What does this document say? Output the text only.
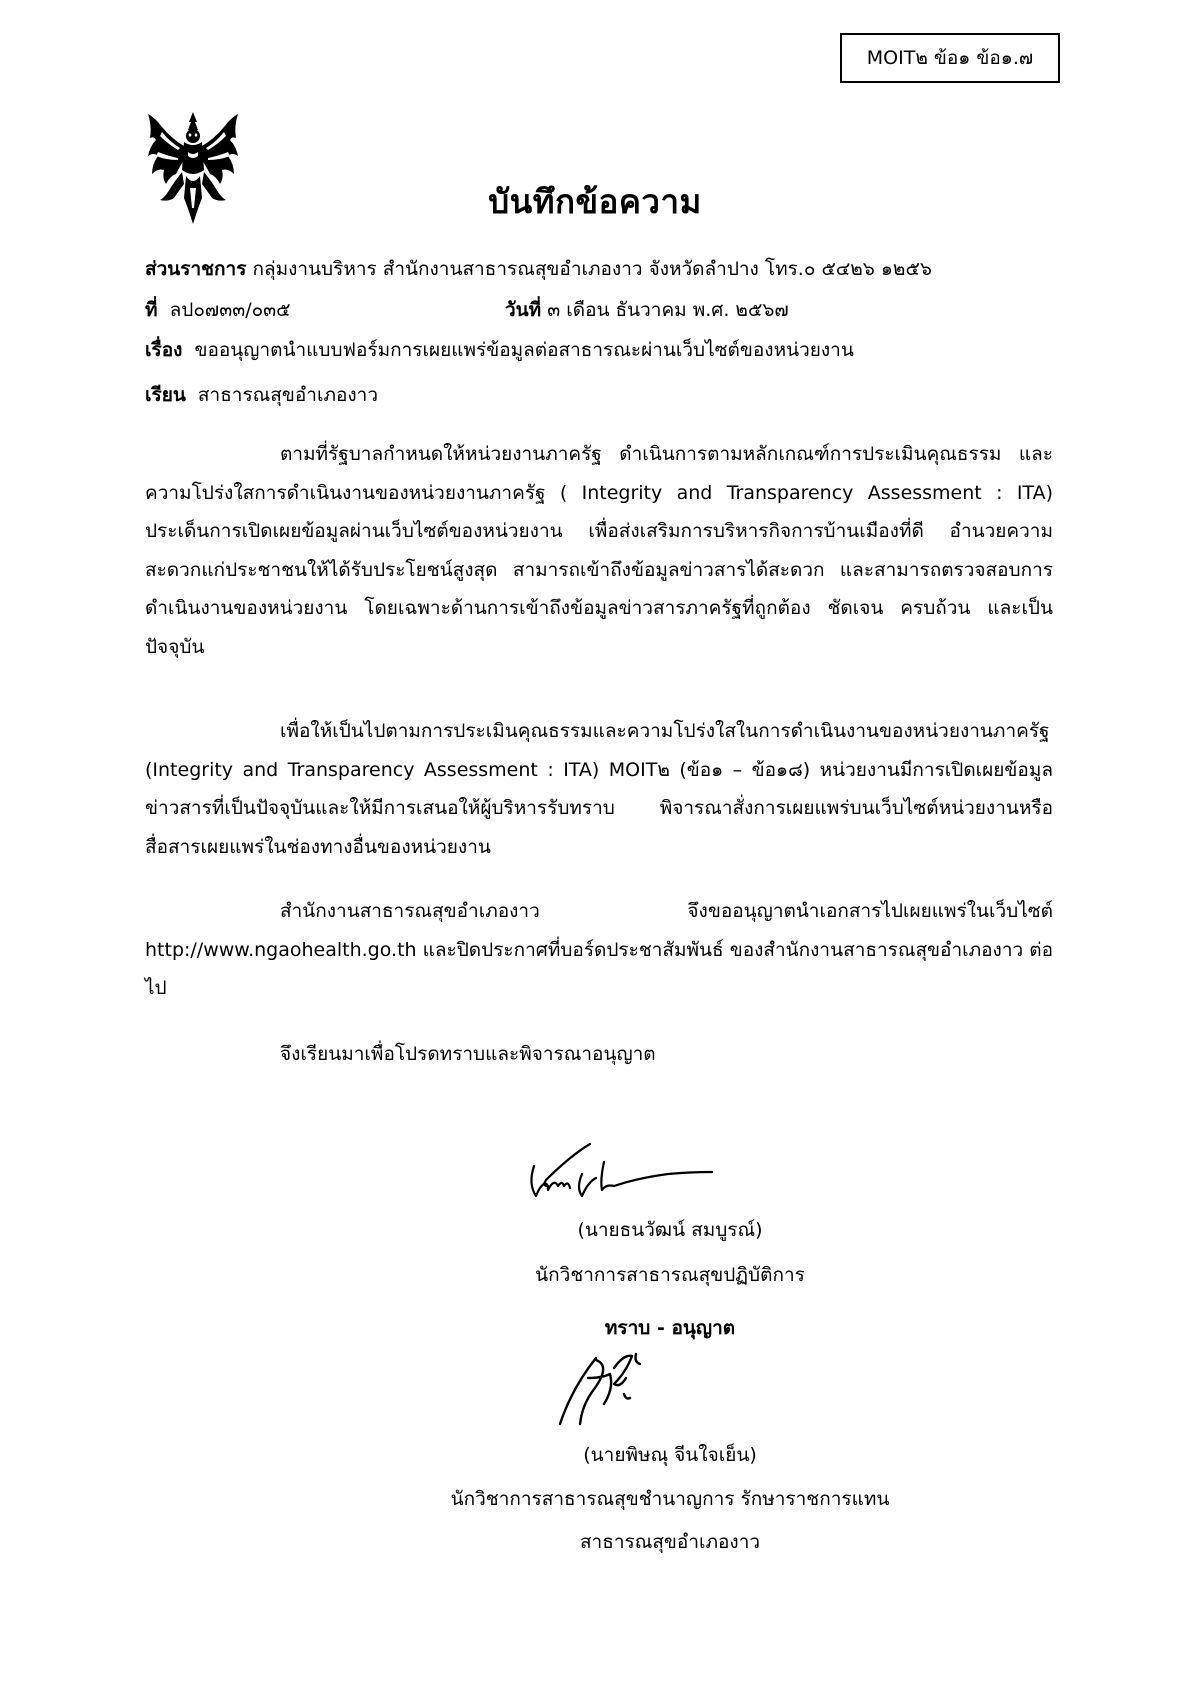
MOIT๒ ข้อ๑ ข้อ๑.๗
บันทึกข้อความ
ส่วนราชการ กลุ่มงานบริหาร สำนักงานสาธารณสุขอำเภองาว จังหวัดลำปาง โทร.๐ ๕๔๒๖ ๑๒๕๖
ที่ ลป๐๗๓๓/๐๓๕	วันที่ ๓ เดือน ธันวาคม พ.ศ. ๒๕๖๗
เรื่อง ขออนุญาตนำแบบฟอร์มการเผยแพร่ข้อมูลต่อสาธารณะผ่านเว็บไซต์ของหน่วยงาน
เรียน สาธารณสุขอำเภองาว
ตามที่รัฐบาลกำหนดให้หน่วยงานภาครัฐ ดำเนินการตามหลักเกณฑ์การประเมินคุณธรรม และความโปร่งใสการดำเนินงานของหน่วยงานภาครัฐ ( Integrity and Transparency Assessment : ITA) ประเด็นการเปิดเผยข้อมูลผ่านเว็บไซต์ของหน่วยงาน เพื่อส่งเสริมการบริหารกิจการบ้านเมืองที่ดี อำนวยความสะดวกแก่ประชาชนให้ได้รับประโยชน์สูงสุด สามารถเข้าถึงข้อมูลข่าวสารได้สะดวก และสามารถตรวจสอบการดำเนินงานของหน่วยงาน โดยเฉพาะด้านการเข้าถึงข้อมูลข่าวสารภาครัฐที่ถูกต้อง ชัดเจน ครบถ้วน และเป็นปัจจุบัน
เพื่อให้เป็นไปตามการประเมินคุณธรรมและความโปร่งใสในการดำเนินงานของหน่วยงานภาครัฐ (Integrity and Transparency Assessment : ITA) MOIT๒ (ข้อ๑ – ข้อ๑๘) หน่วยงานมีการเปิดเผยข้อมูลข่าวสารที่เป็นปัจจุบันและให้มีการเสนอให้ผู้บริหารรับทราบ พิจารณาสั่งการเผยแพร่บนเว็บไซต์หน่วยงานหรือสื่อสารเผยแพร่ในช่องทางอื่นของหน่วยงาน
สำนักงานสาธารณสุขอำเภองาว จึงขออนุญาตนำเอกสารไปเผยแพร่ในเว็บไซต์ http://www.ngaohealth.go.th และปิดประกาศที่บอร์ดประชาสัมพันธ์ ของสำนักงานสาธารณสุขอำเภองาว ต่อไป
จึงเรียนมาเพื่อโปรดทราบและพิจารณาอนุญาต
(นายธนวัฒน์ สมบูรณ์)
นักวิชาการสาธารณสุขปฏิบัติการ
ทราบ - อนุญาต
(นายพิษณุ จีนใจเย็น)
นักวิชาการสาธารณสุขชำนาญการ รักษาราชการแทน
สาธารณสุขอำเภองาว
